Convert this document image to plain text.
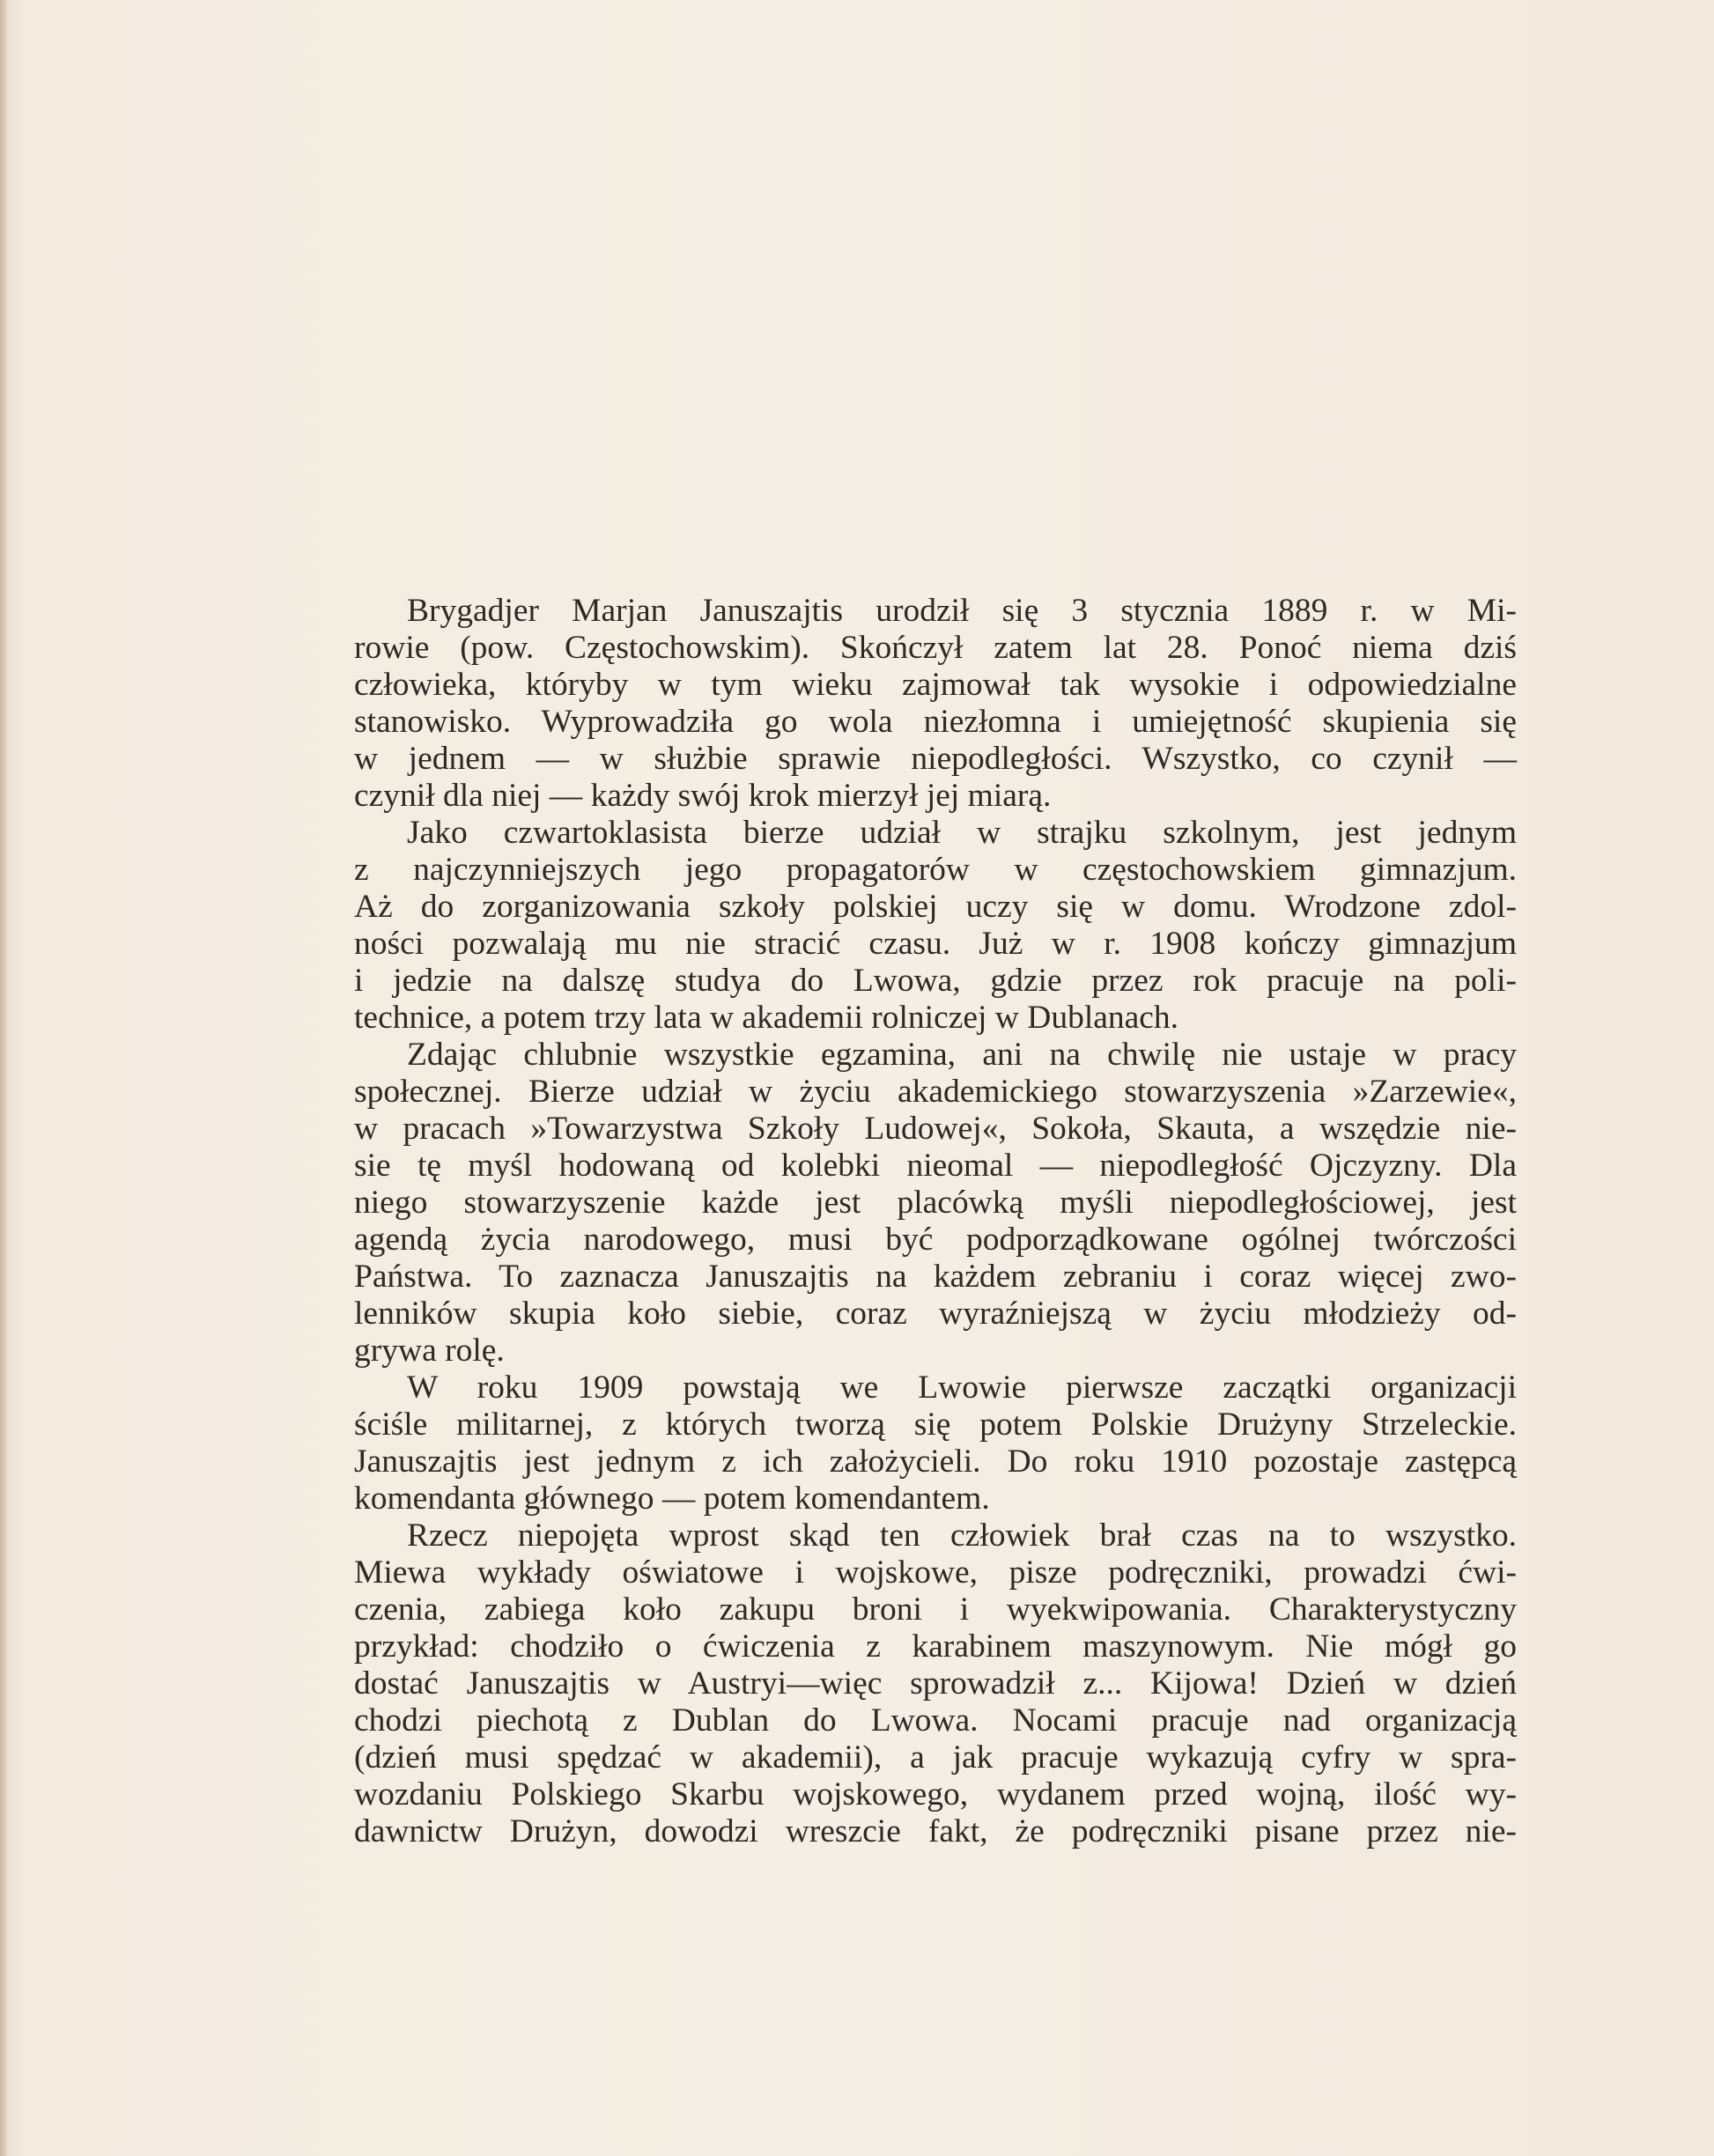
Brygadjer Marjan Januszajtis urodził się 3 stycznia 1889 r. w Mi-
rowie (pow. Częstochowskim). Skończył zatem lat 28. Ponoć niema dziś
człowieka, któryby w tym wieku zajmował tak wysokie i odpowiedzialne
stanowisko. Wyprowadziła go wola niezłomna i umiejętność skupienia się
w jednem — w służbie sprawie niepodległości. Wszystko, co czynił —
czynił dla niej — każdy swój krok mierzył jej miarą.
Jako czwartoklasista bierze udział w strajku szkolnym, jest jednym
z najczynniejszych jego propagatorów w częstochowskiem gimnazjum.
Aż do zorganizowania szkoły polskiej uczy się w domu. Wrodzone zdol-
ności pozwalają mu nie stracić czasu. Już w r. 1908 kończy gimnazjum
i jedzie na dalszę studya do Lwowa, gdzie przez rok pracuje na poli-
technice, a potem trzy lata w akademii rolniczej w Dublanach.
Zdając chlubnie wszystkie egzamina, ani na chwilę nie ustaje w pracy
społecznej. Bierze udział w życiu akademickiego stowarzyszenia »Zarzewie«,
w pracach »Towarzystwa Szkoły Ludowej«, Sokoła, Skauta, a wszędzie nie-
sie tę myśl hodowaną od kolebki nieomal — niepodległość Ojczyzny. Dla
niego stowarzyszenie każde jest placówką myśli niepodległościowej, jest
agendą życia narodowego, musi być podporządkowane ogólnej twórczości
Państwa. To zaznacza Januszajtis na każdem zebraniu i coraz więcej zwo-
lenników skupia koło siebie, coraz wyraźniejszą w życiu młodzieży od-
grywa rolę.
W roku 1909 powstają we Lwowie pierwsze zaczątki organizacji
ściśle militarnej, z których tworzą się potem Polskie Drużyny Strzeleckie.
Januszajtis jest jednym z ich założycieli. Do roku 1910 pozostaje zastępcą
komendanta głównego — potem komendantem.
Rzecz niepojęta wprost skąd ten człowiek brał czas na to wszystko.
Miewa wykłady oświatowe i wojskowe, pisze podręczniki, prowadzi ćwi-
czenia, zabiega koło zakupu broni i wyekwipowania. Charakterystyczny
przykład: chodziło o ćwiczenia z karabinem maszynowym. Nie mógł go
dostać Januszajtis w Austryi—więc sprowadził z... Kijowa! Dzień w dzień
chodzi piechotą z Dublan do Lwowa. Nocami pracuje nad organizacją
(dzień musi spędzać w akademii), a jak pracuje wykazują cyfry w spra-
wozdaniu Polskiego Skarbu wojskowego, wydanem przed wojną, ilość wy-
dawnictw Drużyn, dowodzi wreszcie fakt, że podręczniki pisane przez nie-
